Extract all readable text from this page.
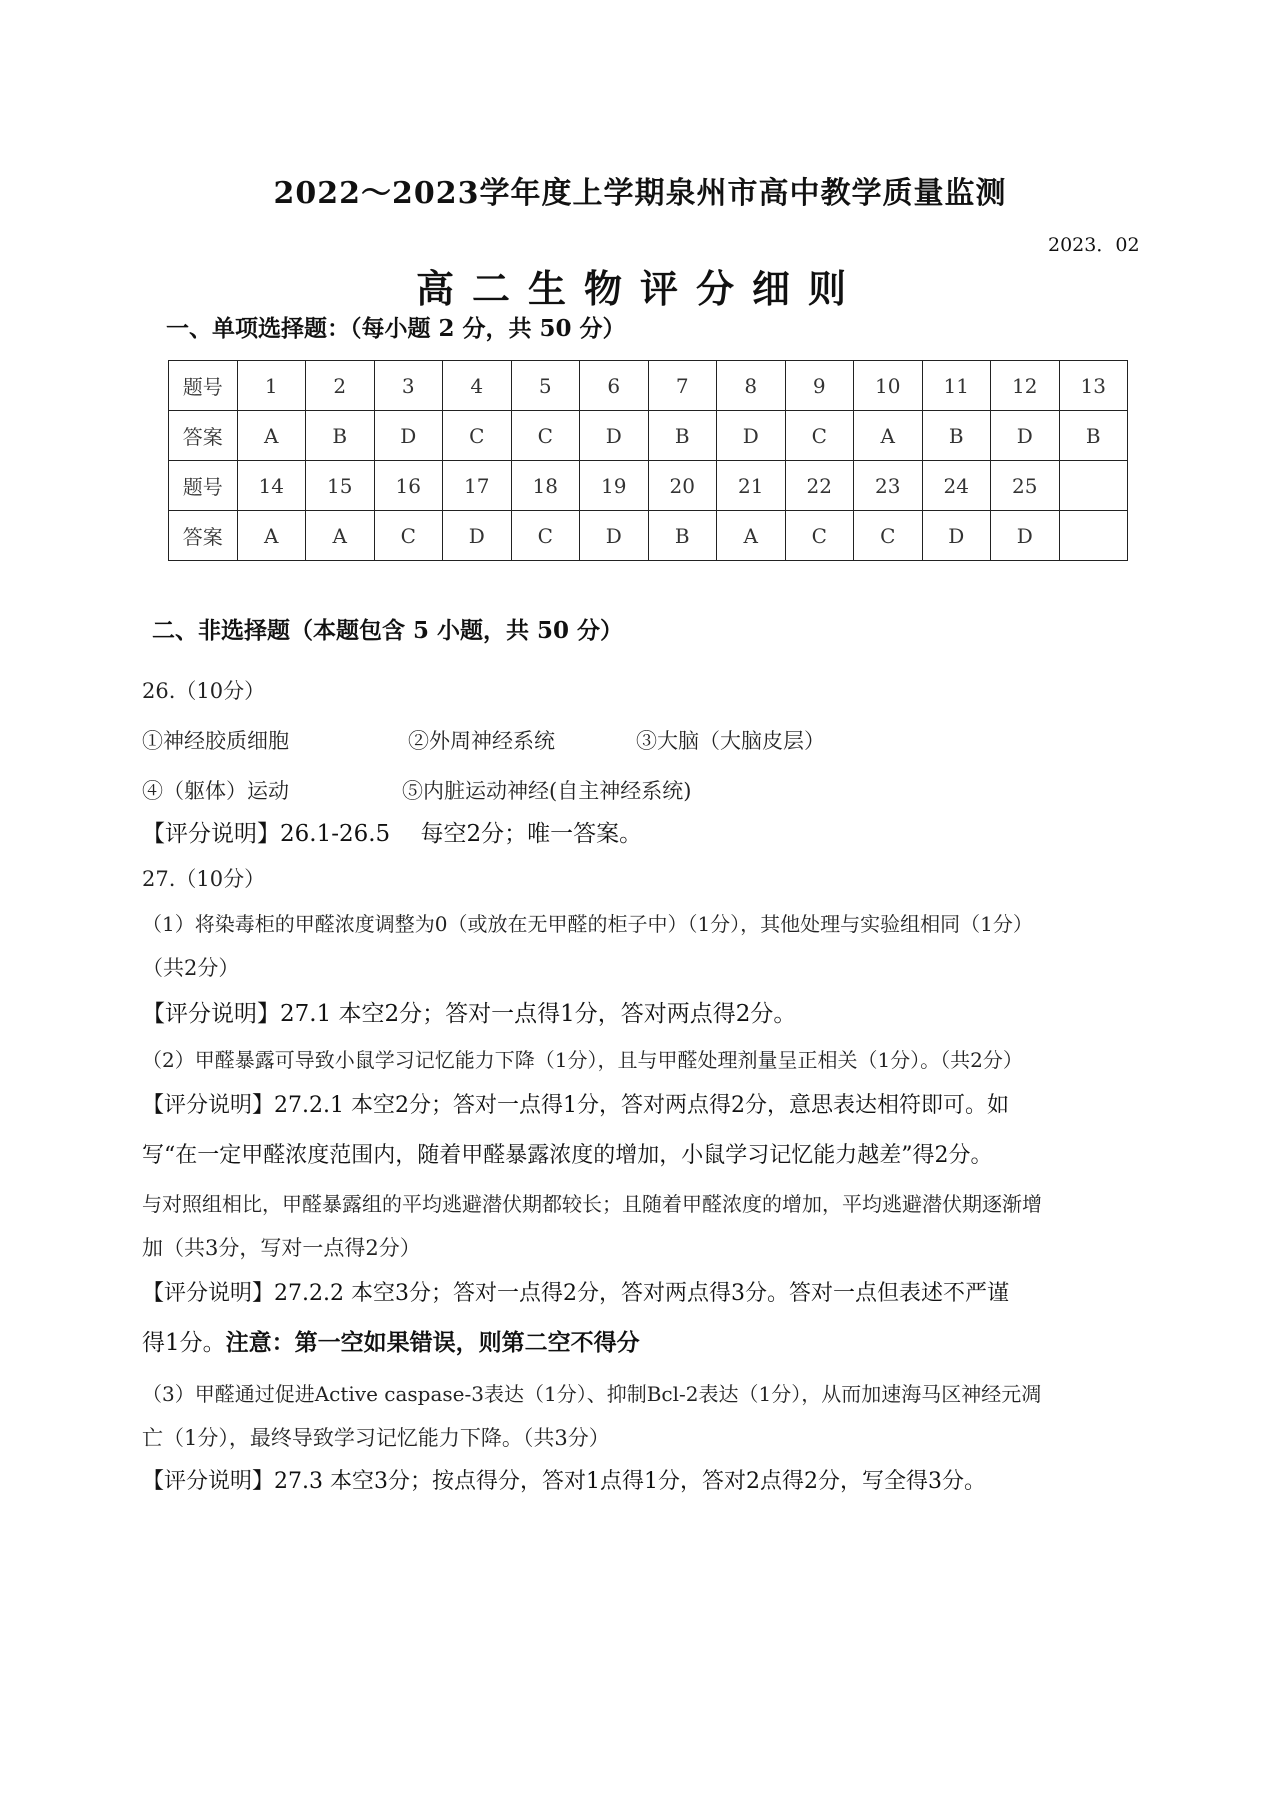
2022～2023学年度上学期泉州市高中教学质量监测
2023．02
高二生物评分细则
一、单项选择题：（每小题 2 分，共 50 分）
题号	1	2	3	4	5	6	7	8	9	10	11	12	13
答案	A	B	D	C	C	D	B	D	C	A	B	D	B
题号	14	15	16	17	18	19	20	21	22	23	24	25	
答案	A	A	C	D	C	D	B	A	C	C	D	D	
二、非选择题（本题包含 5 小题，共 50 分）
26.（10分）
①神经胶质细胞	②外周神经系统	③大脑（大脑皮层）
④（躯体）运动	⑤内脏运动神经(自主神经系统)
【评分说明】26.1-26.5　 每空2分；唯一答案。
27.（10分）
（1）将染毒柜的甲醛浓度调整为0（或放在无甲醛的柜子中）（1分），其他处理与实验组相同（1分）
（共2分）
【评分说明】27.1 本空2分；答对一点得1分，答对两点得2分。
（2）甲醛暴露可导致小鼠学习记忆能力下降（1分），且与甲醛处理剂量呈正相关（1分）。（共2分）
【评分说明】27.2.1 本空2分；答对一点得1分，答对两点得2分，意思表达相符即可。如
写“在一定甲醛浓度范围内，随着甲醛暴露浓度的增加，小鼠学习记忆能力越差”得2分。
与对照组相比，甲醛暴露组的平均逃避潜伏期都较长；且随着甲醛浓度的增加，平均逃避潜伏期逐渐增
加（共3分，写对一点得2分）
【评分说明】27.2.2 本空3分；答对一点得2分，答对两点得3分。答对一点但表述不严谨
得1分。注意：第一空如果错误，则第二空不得分
（3）甲醛通过促进Active caspase-3表达（1分）、抑制Bcl-2表达（1分），从而加速海马区神经元凋
亡（1分），最终导致学习记忆能力下降。（共3分）
【评分说明】27.3 本空3分；按点得分，答对1点得1分，答对2点得2分，写全得3分。
